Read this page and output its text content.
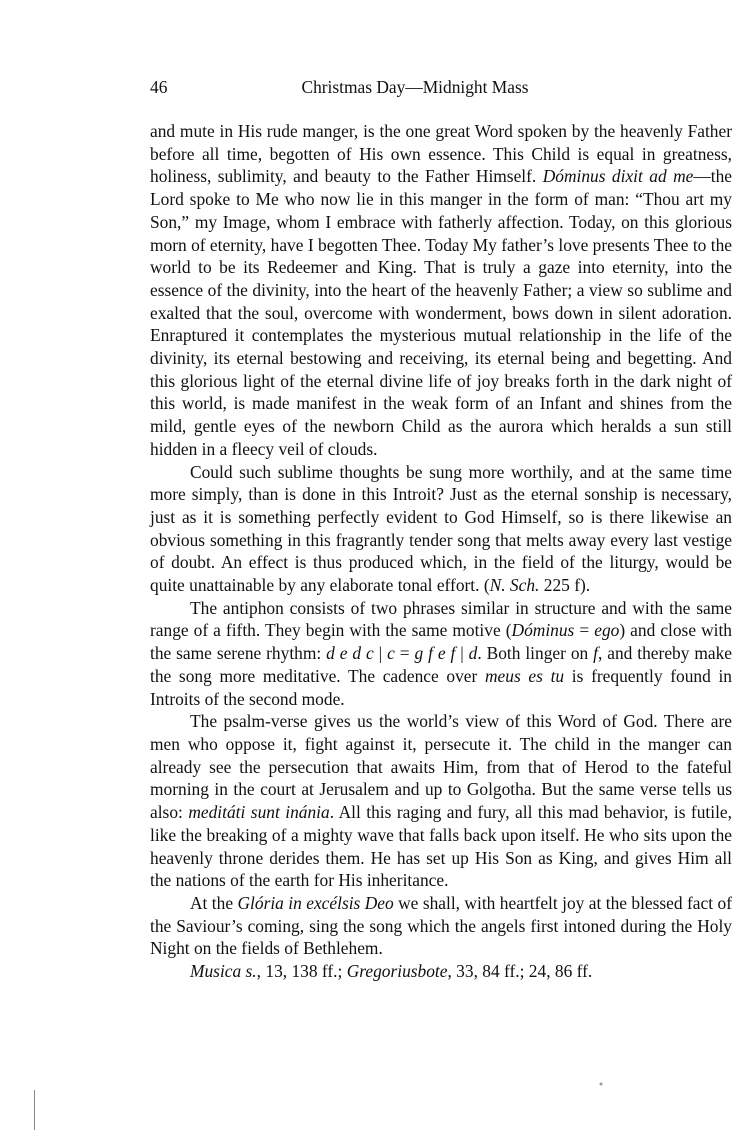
46	Christmas Day—Midnight Mass

and mute in His rude manger, is the one great Word spoken by the heavenly Father before all time, begotten of His own essence. This Child is equal in greatness, holiness, sublimity, and beauty to the Father Himself. Dóminus dixit ad me—the Lord spoke to Me who now lie in this manger in the form of man: “Thou art my Son,” my Image, whom I embrace with fatherly affection. Today, on this glorious morn of eternity, have I begotten Thee. Today My father’s love presents Thee to the world to be its Redeemer and King. That is truly a gaze into eternity, into the essence of the divinity, into the heart of the heavenly Father; a view so sublime and exalted that the soul, overcome with wonderment, bows down in silent adoration. Enraptured it contemplates the mysterious mutual relationship in the life of the divinity, its eternal bestowing and receiving, its eternal being and begetting. And this glorious light of the eternal divine life of joy breaks forth in the dark night of this world, is made manifest in the weak form of an Infant and shines from the mild, gentle eyes of the newborn Child as the aurora which heralds a sun still hidden in a fleecy veil of clouds.

Could such sublime thoughts be sung more worthily, and at the same time more simply, than is done in this Introit? Just as the eternal sonship is necessary, just as it is something perfectly evident to God Himself, so is there likewise an obvious something in this fragrantly tender song that melts away every last vestige of doubt. An effect is thus produced which, in the field of the liturgy, would be quite unattainable by any elaborate tonal effort. (N. Sch. 225 f).

The antiphon consists of two phrases similar in structure and with the same range of a fifth. They begin with the same motive (Dóminus = ego) and close with the same serene rhythm: d e d c | c = g f e f | d. Both linger on f, and thereby make the song more meditative. The cadence over meus es tu is frequently found in Introits of the second mode.

The psalm-verse gives us the world’s view of this Word of God. There are men who oppose it, fight against it, persecute it. The child in the manger can already see the persecution that awaits Him, from that of Herod to the fateful morning in the court at Jerusalem and up to Golgotha. But the same verse tells us also: meditáti sunt inánia. All this raging and fury, all this mad behavior, is futile, like the breaking of a mighty wave that falls back upon itself. He who sits upon the heavenly throne derides them. He has set up His Son as King, and gives Him all the nations of the earth for His inheritance.

At the Glória in excélsis Deo we shall, with heartfelt joy at the blessed fact of the Saviour’s coming, sing the song which the angels first intoned during the Holy Night on the fields of Bethlehem.

Musica s., 13, 138 ff.; Gregoriusbote, 33, 84 ff.; 24, 86 ff.
